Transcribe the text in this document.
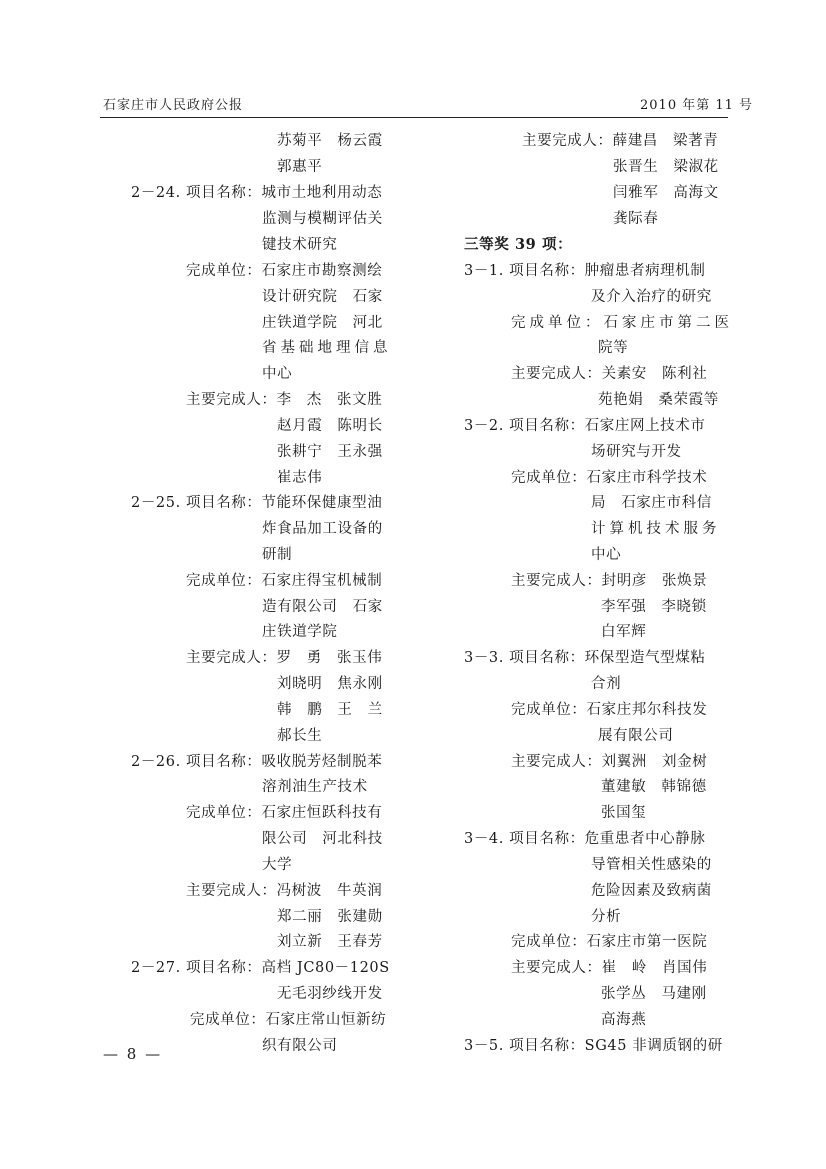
石家庄市人民政府公报	2010 年第 11 号
苏菊平　杨云霞
郭惠平
2－24. 项目名称：城市土地利用动态
监测与模糊评估关
键技术研究
完成单位：石家庄市勘察测绘
设计研究院　石家
庄铁道学院　河北
省基础地理信息
中心
主要完成人：李　杰　张文胜
赵月霞　陈明长
张耕宁　王永强
崔志伟
2－25. 项目名称：节能环保健康型油
炸食品加工设备的
研制
完成单位：石家庄得宝机械制
造有限公司　石家
庄铁道学院
主要完成人：罗　勇　张玉伟
刘晓明　焦永刚
韩　鹏　王　兰
郝长生
2－26. 项目名称：吸收脱芳烃制脱苯
溶剂油生产技术
完成单位：石家庄恒跃科技有
限公司　河北科技
大学
主要完成人：冯树波　牛英润
郑二丽　张建勋
刘立新　王春芳
2－27. 项目名称：高档 JC80－120S
无毛羽纱线开发
完成单位：石家庄常山恒新纺
织有限公司
主要完成人：薛建昌　梁著青
张晋生　梁淑花
闫雅军　高海文
龚际春
三等奖 39 项：
3－1. 项目名称：肿瘤患者病理机制
及介入治疗的研究
完成单位：石家庄市第二医
院等
主要完成人：关素安　陈利社
苑艳娟　桑荣霞等
3－2. 项目名称：石家庄网上技术市
场研究与开发
完成单位：石家庄市科学技术
局　石家庄市科信
计算机技术服务
中心
主要完成人：封明彦　张焕景
李军强　李晓锁
白军辉
3－3. 项目名称：环保型造气型煤粘
合剂
完成单位：石家庄邦尔科技发
展有限公司
主要完成人：刘翼洲　刘金树
董建敏　韩锦德
张国玺
3－4. 项目名称：危重患者中心静脉
导管相关性感染的
危险因素及致病菌
分析
完成单位：石家庄市第一医院
主要完成人：崔　岭　肖国伟
张学丛　马建刚
高海燕
3－5. 项目名称：SG45 非调质钢的研
— 8 —
